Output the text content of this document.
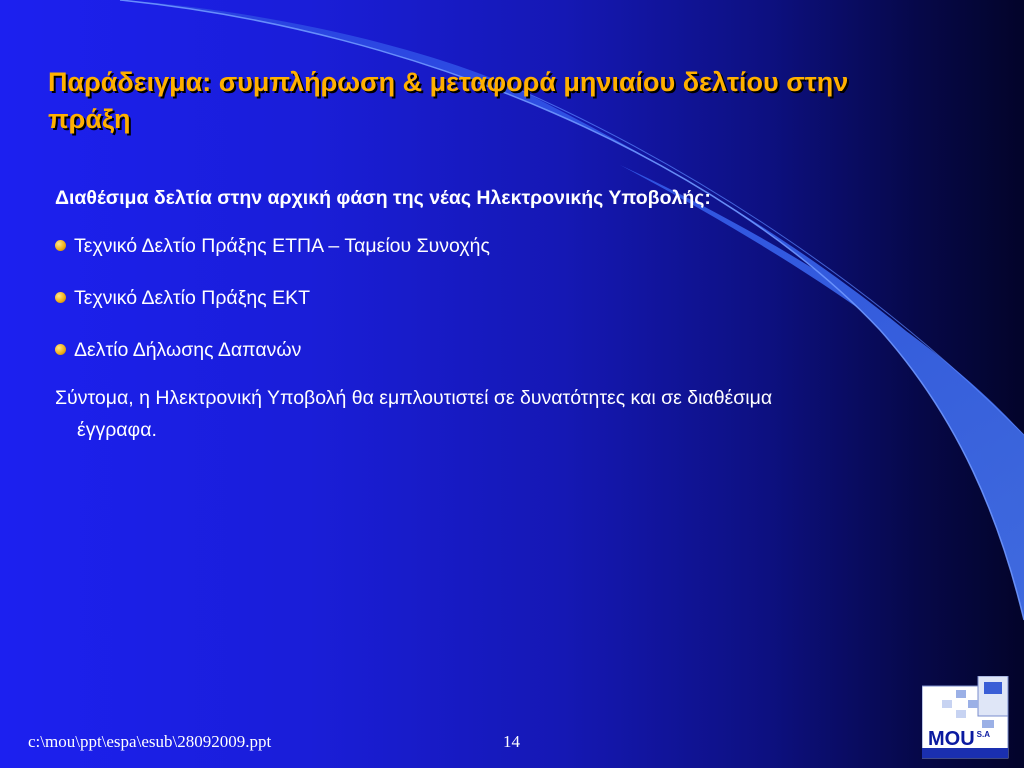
Παράδειγμα: συμπλήρωση & μεταφορά μηνιαίου δελτίου στην πράξη

Διαθέσιμα δελτία στην αρχική φάση της νέας Ηλεκτρονικής Υποβολής:

Τεχνικό Δελτίο Πράξης ΕΤΠΑ – Ταμείου Συνοχής

Τεχνικό Δελτίο Πράξης ΕΚΤ

Δελτίο Δήλωσης Δαπανών

Σύντομα, η Ηλεκτρονική Υποβολή θα εμπλουτιστεί σε δυνατότητες και σε διαθέσιμα έγγραφα.

c:\mou\ppt\espa\esub\28092009.ppt	14	MOU $^{S.A}$
